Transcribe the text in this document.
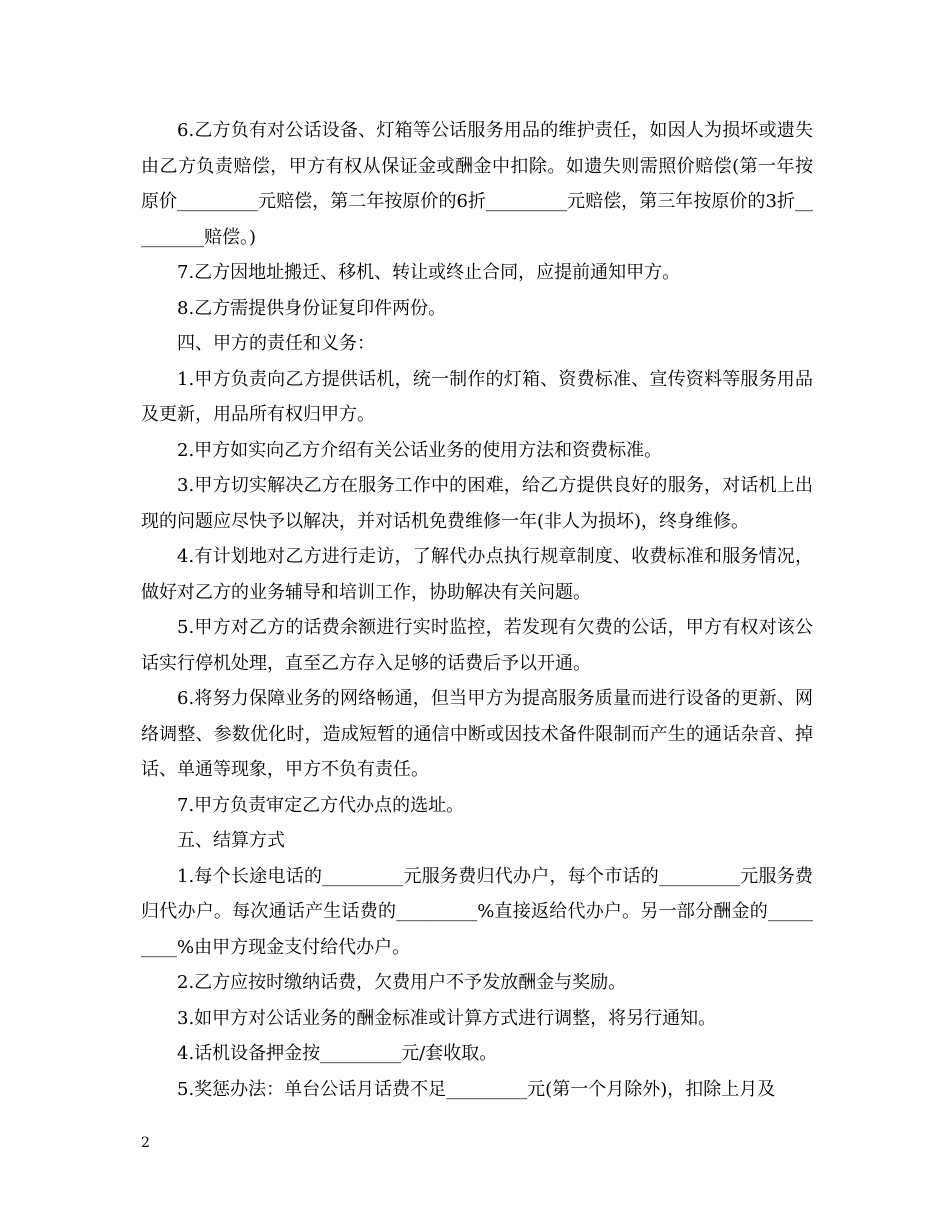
6.乙方负有对公话设备、灯箱等公话服务用品的维护责任，如因人为损坏或遗失由乙方负责赔偿，甲方有权从保证金或酬金中扣除。如遗失则需照价赔偿(第一年按原价_________元赔偿，第二年按原价的6折_________元赔偿，第三年按原价的3折_________赔偿。)

7.乙方因地址搬迁、移机、转让或终止合同，应提前通知甲方。

8.乙方需提供身份证复印件两份。

四、甲方的责任和义务：

1.甲方负责向乙方提供话机，统一制作的灯箱、资费标准、宣传资料等服务用品及更新，用品所有权归甲方。

2.甲方如实向乙方介绍有关公话业务的使用方法和资费标准。

3.甲方切实解决乙方在服务工作中的困难，给乙方提供良好的服务，对话机上出现的问题应尽快予以解决，并对话机免费维修一年(非人为损坏)，终身维修。

4.有计划地对乙方进行走访，了解代办点执行规章制度、收费标准和服务情况，做好对乙方的业务辅导和培训工作，协助解决有关问题。

5.甲方对乙方的话费余额进行实时监控，若发现有欠费的公话，甲方有权对该公话实行停机处理，直至乙方存入足够的话费后予以开通。

6.将努力保障业务的网络畅通，但当甲方为提高服务质量而进行设备的更新、网络调整、参数优化时，造成短暂的通信中断或因技术备件限制而产生的通话杂音、掉话、单通等现象，甲方不负有责任。

7.甲方负责审定乙方代办点的选址。

五、结算方式

1.每个长途电话的_________元服务费归代办户，每个市话的_________元服务费归代办户。每次通话产生话费的_________%直接返给代办户。另一部分酬金的_________%由甲方现金支付给代办户。

2.乙方应按时缴纳话费，欠费用户不予发放酬金与奖励。

3.如甲方对公话业务的酬金标准或计算方式进行调整，将另行通知。

4.话机设备押金按_________元/套收取。

5.奖惩办法：单台公话月话费不足_________元(第一个月除外)，扣除上月及

2
